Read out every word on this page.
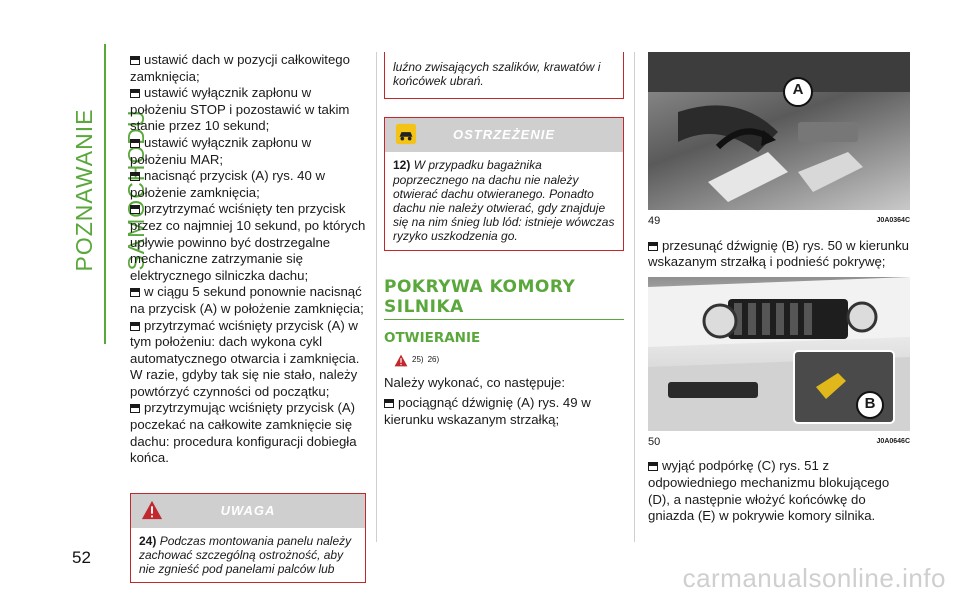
POZNAWANIE SAMOCHODU
52

ustawić dach w pozycji całkowitego zamknięcia;

ustawić wyłącznik zapłonu w położeniu STOP i pozostawić w takim stanie przez 10 sekund;

ustawić wyłącznik zapłonu w położeniu MAR;

nacisnąć przycisk (A) rys. 40 w położenie zamknięcia;

przytrzymać wciśnięty ten przycisk przez co najmniej 10 sekund, po których upływie powinno być dostrzegalne mechaniczne zatrzymanie się elektrycznego silniczka dachu;

w ciągu 5 sekund ponownie nacisnąć na przycisk (A) w położenie zamknięcia;

przytrzymać wciśnięty przycisk (A) w tym położeniu: dach wykona cykl automatycznego otwarcia i zamknięcia. W razie, gdyby tak się nie stało, należy powtórzyć czynności od początku;

przytrzymując wciśnięty przycisk (A) poczekać na całkowite zamknięcie się dachu: procedura konfiguracji dobiegła końca.

UWAGA
24) Podczas montowania panelu należy zachować szczególną ostrożność, aby nie zgnieść pod panelami palców lub
luźno zwisających szalików, krawatów i końcówek ubrań.
OSTRZEŻENIE
12) W przypadku bagażnika poprzecznego na dachu nie należy otwierać dachu otwieranego. Ponadto dachu nie należy otwierać, gdy znajduje się na nim śnieg lub lód: istnieje wówczas ryzyko uszkodzenia go.
POKRYWA KOMORY SILNIKA
OTWIERANIE
25) 26)

Należy wykonać, co następuje:

pociągnąć dźwignię (A) rys. 49 w kierunku wskazanym strzałką;

A
49	J0A0364C

przesunąć dźwignię (B) rys. 50 w kierunku wskazanym strzałką i podnieść pokrywę;

B
50	J0A0646C

wyjąć podpórkę (C) rys. 51 z odpowiedniego mechanizmu blokującego (D), a następnie włożyć końcówkę do gniazda (E) w pokrywie komory silnika.

carmanualsonline.info
